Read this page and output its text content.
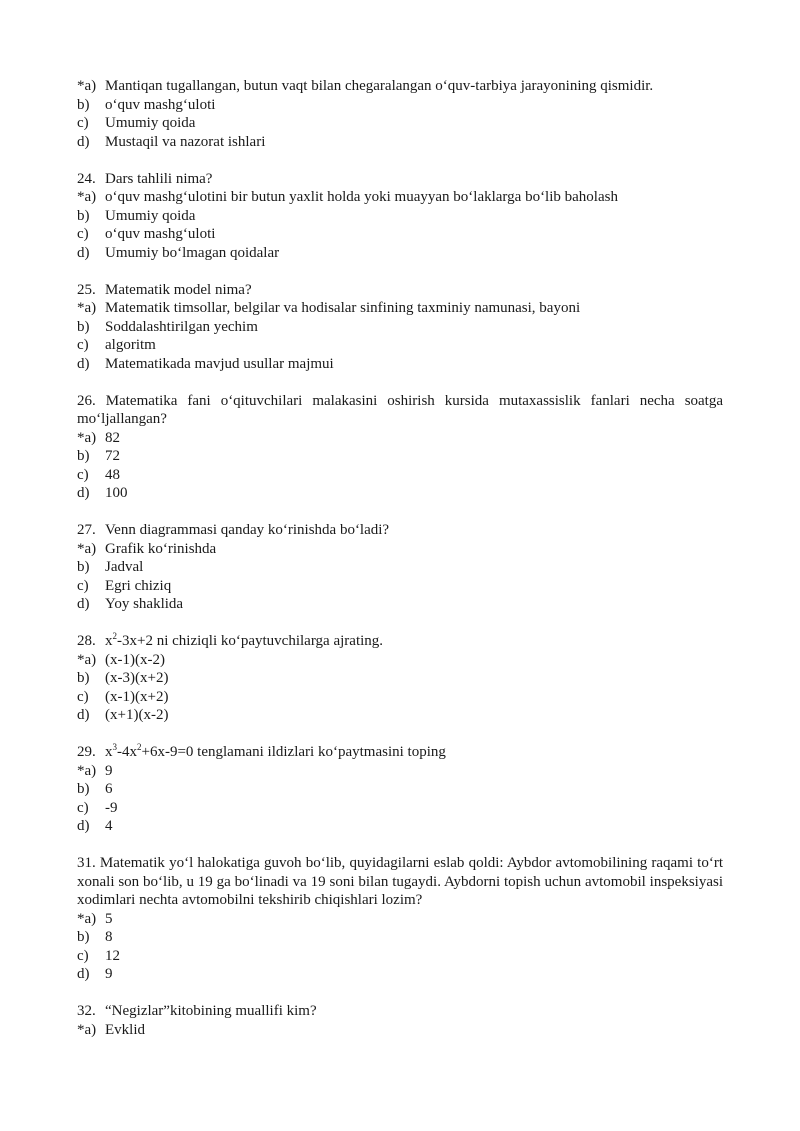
*a) Mantiqan tugallangan, butun vaqt bilan chegaralangan o‘quv-tarbiya jarayonining qismidir.
b)	o‘quv mashg‘uloti
c)	Umumiy qoida
d)	Mustaqil va nazorat ishlari
24. Dars tahlili nima?
*a) o‘quv mashg‘ulotini bir butun yaxlit holda yoki muayyan bo‘laklarga bo‘lib baholash
b)	Umumiy qoida
c)	o‘quv mashg‘uloti
d)	Umumiy bo‘lmagan qoidalar
25. Matematik model nima?
*a) Matematik timsollar, belgilar va hodisalar sinfining taxminiy namunasi, bayoni
b)	Soddalashtirilgan yechim
c)	algoritm
d)	Matematikada mavjud usullar majmui
26. Matematika fani o‘qituvchilari malakasini oshirish kursida mutaxassislik fanlari necha soatga mo‘ljallangan?
*a) 82
b)	72
c)	48
d)	100
27. Venn diagrammasi qanday ko‘rinishda bo‘ladi?
*a) Grafik ko‘rinishda
b)	Jadval
c)	Egri chiziq
d)	Yoy shaklida
28. $x^2-3x+2$ ni chiziqli ko‘paytuvchilarga ajrating.
*a) (x-1)(x-2)
b)	(x-3)(x+2)
c)	(x-1)(x+2)
d)	(x+1)(x-2)
29. $x^3-4x^2+6x-9=0$ tenglamani ildizlari ko‘paytmasini toping
*a) 9
b)	6
c)	-9
d)	4
31. Matematik yo‘l halokatiga guvoh bo‘lib, quyidagilarni eslab qoldi: Aybdor avtomobilining raqami to‘rt xonali son bo‘lib, u 19 ga bo‘linadi va 19 soni bilan tugaydi. Aybdorni topish uchun avtomobil inspeksiyasi xodimlari nechta avtomobilni tekshirib chiqishlari lozim?
*a) 5
b)	8
c)	12
d)	9
32. “Negizlar”kitobining muallifi kim?
*a) Evklid
